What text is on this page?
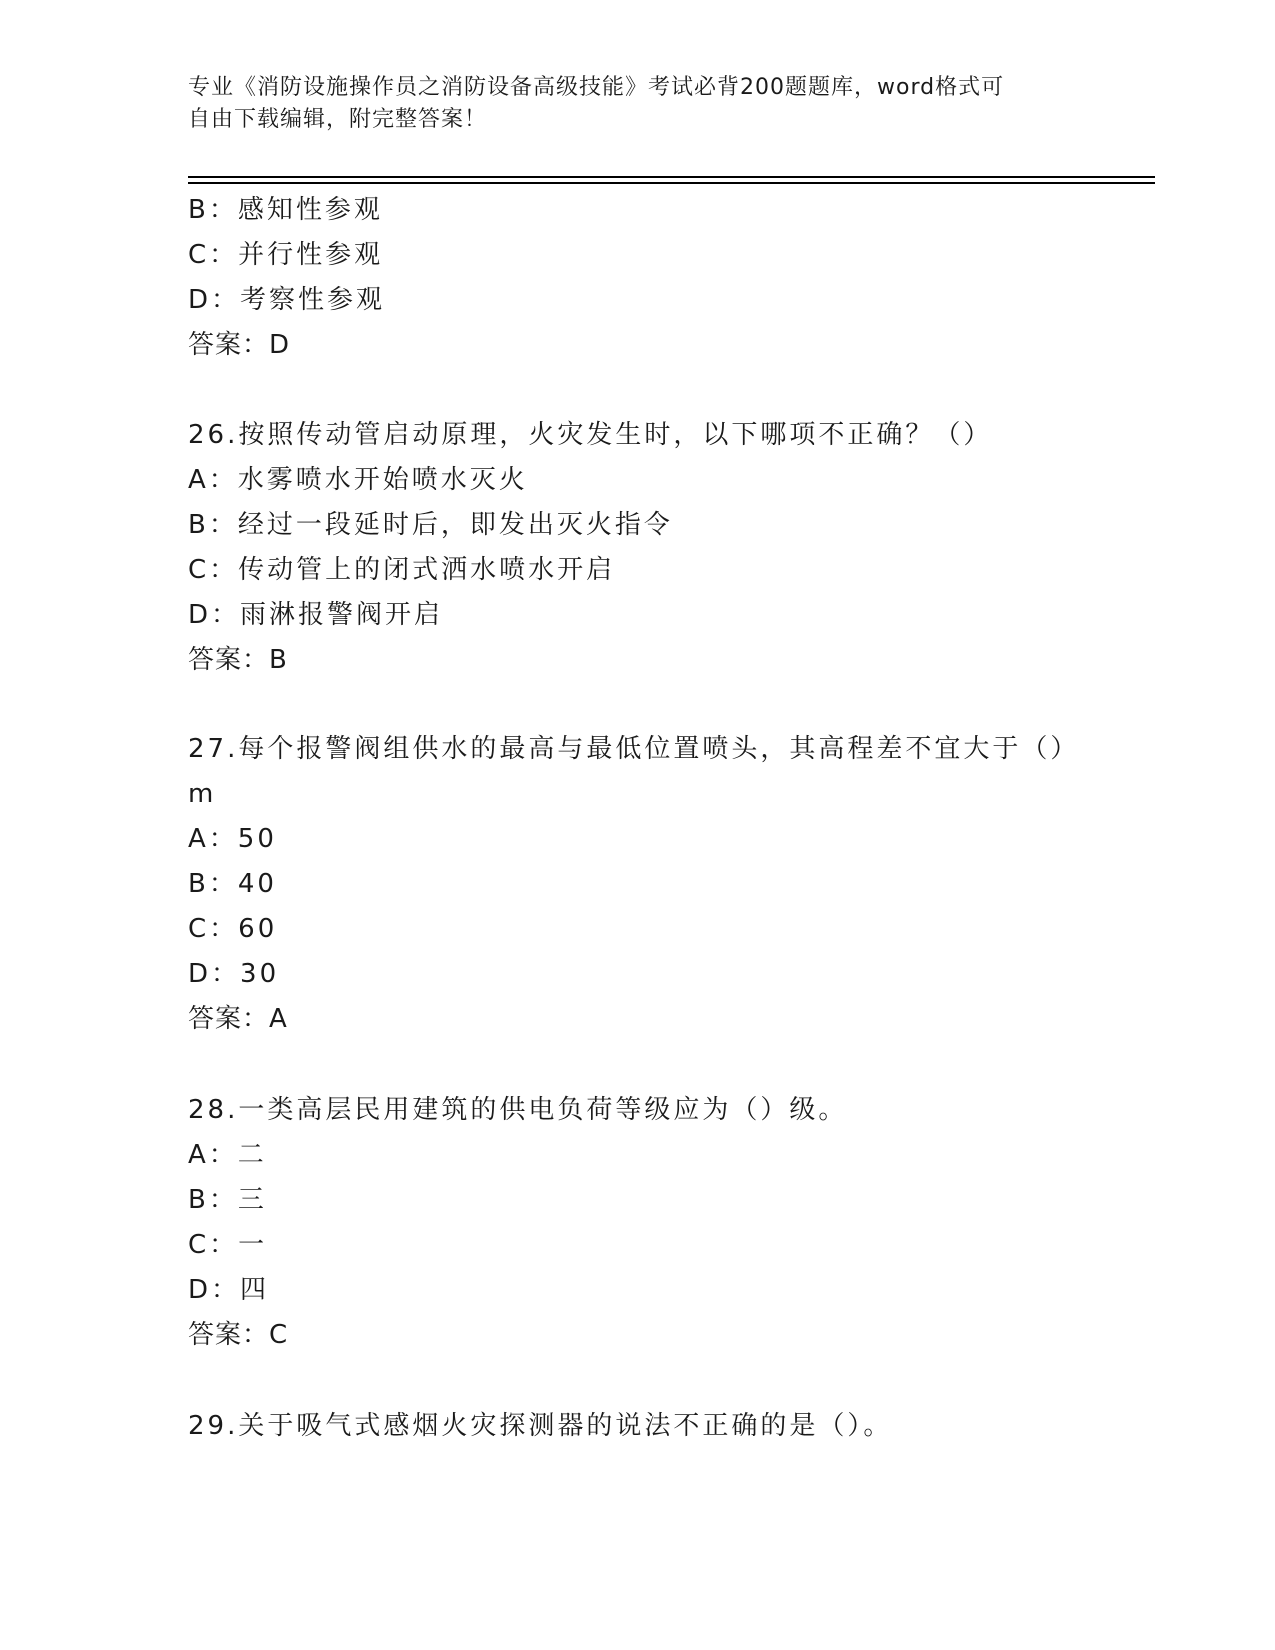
专业《消防设施操作员之消防设备高级技能》考试必背200题题库，word格式可
自由下载编辑，附完整答案！
B：感知性参观
C：并行性参观
D：考察性参观
答案：D
26.按照传动管启动原理，火灾发生时，以下哪项不正确？（）
A：水雾喷水开始喷水灭火
B：经过一段延时后，即发出灭火指令
C：传动管上的闭式洒水喷水开启
D：雨淋报警阀开启
答案：B
27.每个报警阀组供水的最高与最低位置喷头，其高程差不宜大于（）
m
A：50
B：40
C：60
D：30
答案：A
28.一类高层民用建筑的供电负荷等级应为（）级。
A：二
B：三
C：一
D：四
答案：C
29.关于吸气式感烟火灾探测器的说法不正确的是（）。
